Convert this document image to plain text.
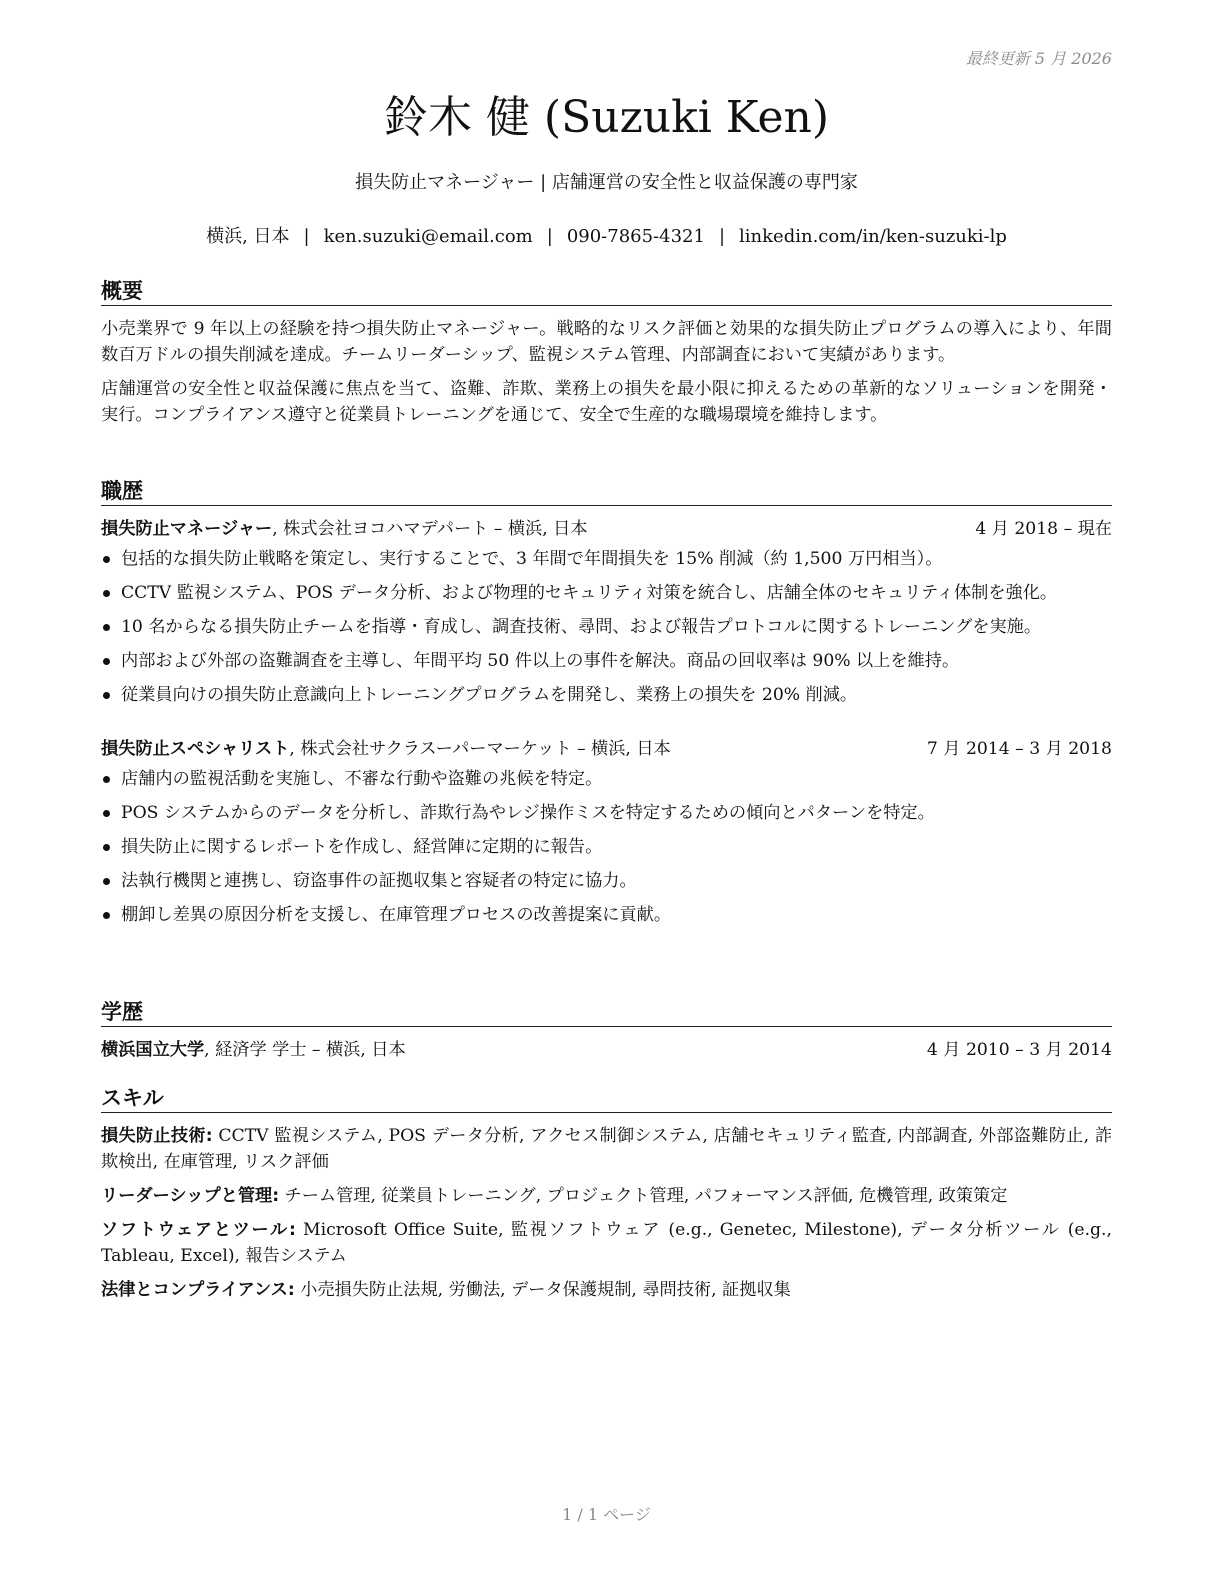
最終更新 5 月 2026
鈴木 健 (Suzuki Ken)
損失防止マネージャー | 店舗運営の安全性と収益保護の専門家
横浜, 日本 | ken.suzuki@email.com | 090-7865-4321 | linkedin.com/in/ken-suzuki-lp
概要

小売業界で 9 年以上の経験を持つ損失防止マネージャー。戦略的なリスク評価と効果的な損失防止プログラムの導入により、年間数百万ドルの損失削減を達成。チームリーダーシップ、監視システム管理、内部調査において実績があります。

店舗運営の安全性と収益保護に焦点を当て、盗難、詐欺、業務上の損失を最小限に抑えるための革新的なソリューションを開発・実行。コンプライアンス遵守と従業員トレーニングを通じて、安全で生産的な職場環境を維持します。

職歴
損失防止マネージャー, 株式会社ヨコハマデパート – 横浜, 日本	4 月 2018 – 現在
包括的な損失防止戦略を策定し、実行することで、3 年間で年間損失を 15% 削減（約 1,500 万円相当）。
CCTV 監視システム、POS データ分析、および物理的セキュリティ対策を統合し、店舗全体のセキュリティ体制を強化。
10 名からなる損失防止チームを指導・育成し、調査技術、尋問、および報告プロトコルに関するトレーニングを実施。
内部および外部の盗難調査を主導し、年間平均 50 件以上の事件を解決。商品の回収率は 90% 以上を維持。
従業員向けの損失防止意識向上トレーニングプログラムを開発し、業務上の損失を 20% 削減。
損失防止スペシャリスト, 株式会社サクラスーパーマーケット – 横浜, 日本	7 月 2014 – 3 月 2018
店舗内の監視活動を実施し、不審な行動や盗難の兆候を特定。
POS システムからのデータを分析し、詐欺行為やレジ操作ミスを特定するための傾向とパターンを特定。
損失防止に関するレポートを作成し、経営陣に定期的に報告。
法執行機関と連携し、窃盗事件の証拠収集と容疑者の特定に協力。
棚卸し差異の原因分析を支援し、在庫管理プロセスの改善提案に貢献。
学歴
横浜国立大学, 経済学 学士 – 横浜, 日本	4 月 2010 – 3 月 2014
スキル

損失防止技術: CCTV 監視システム, POS データ分析, アクセス制御システム, 店舗セキュリティ監査, 内部調査, 外部盗難防止, 詐欺検出, 在庫管理, リスク評価

リーダーシップと管理: チーム管理, 従業員トレーニング, プロジェクト管理, パフォーマンス評価, 危機管理, 政策策定

ソフトウェアとツール: Microsoft Office Suite, 監視ソフトウェア (e.g., Genetec, Milestone), データ分析ツール (e.g., Tableau, Excel), 報告システム

法律とコンプライアンス: 小売損失防止法規, 労働法, データ保護規制, 尋問技術, 証拠収集

1 / 1 ページ
